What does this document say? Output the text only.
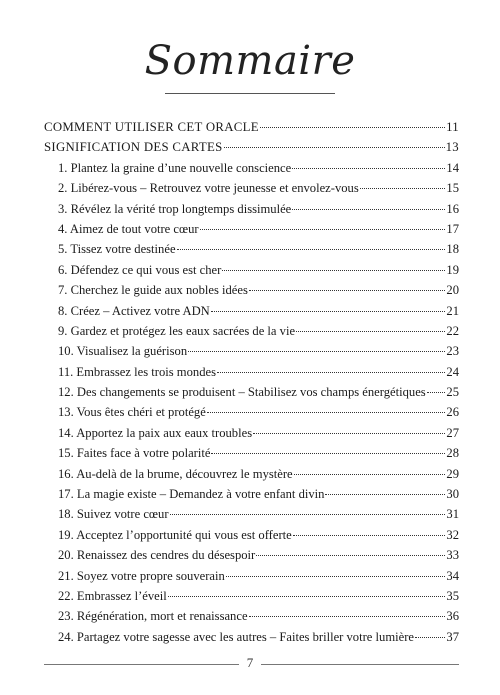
Sommaire
COMMENT UTILISER CET ORACLE	11
SIGNIFICATION DES CARTES	13
1. Plantez la graine d’une nouvelle conscience	14
2. Libérez-vous – Retrouvez votre jeunesse et envolez-vous	15
3. Révélez la vérité trop longtemps dissimulée	16
4. Aimez de tout votre cœur	17
5. Tissez votre destinée	18
6. Défendez ce qui vous est cher	19
7. Cherchez le guide aux nobles idées	20
8. Créez – Activez votre ADN	21
9. Gardez et protégez les eaux sacrées de la vie	22
10. Visualisez la guérison	23
11. Embrassez les trois mondes	24
12. Des changements se produisent – Stabilisez vos champs énergétiques 25
13. Vous êtes chéri et protégé	26
14. Apportez la paix aux eaux troubles	27
15. Faites face à votre polarité	28
16. Au-delà de la brume, découvrez le mystère	29
17. La magie existe – Demandez à votre enfant divin	30
18. Suivez votre cœur	31
19. Acceptez l’opportunité qui vous est offerte	32
20. Renaissez des cendres du désespoir	33
21. Soyez votre propre souverain	34
22. Embrassez l’éveil	35
23. Régénération, mort et renaissance	36
24. Partagez votre sagesse avec les autres – Faites briller votre lumière	37
7
